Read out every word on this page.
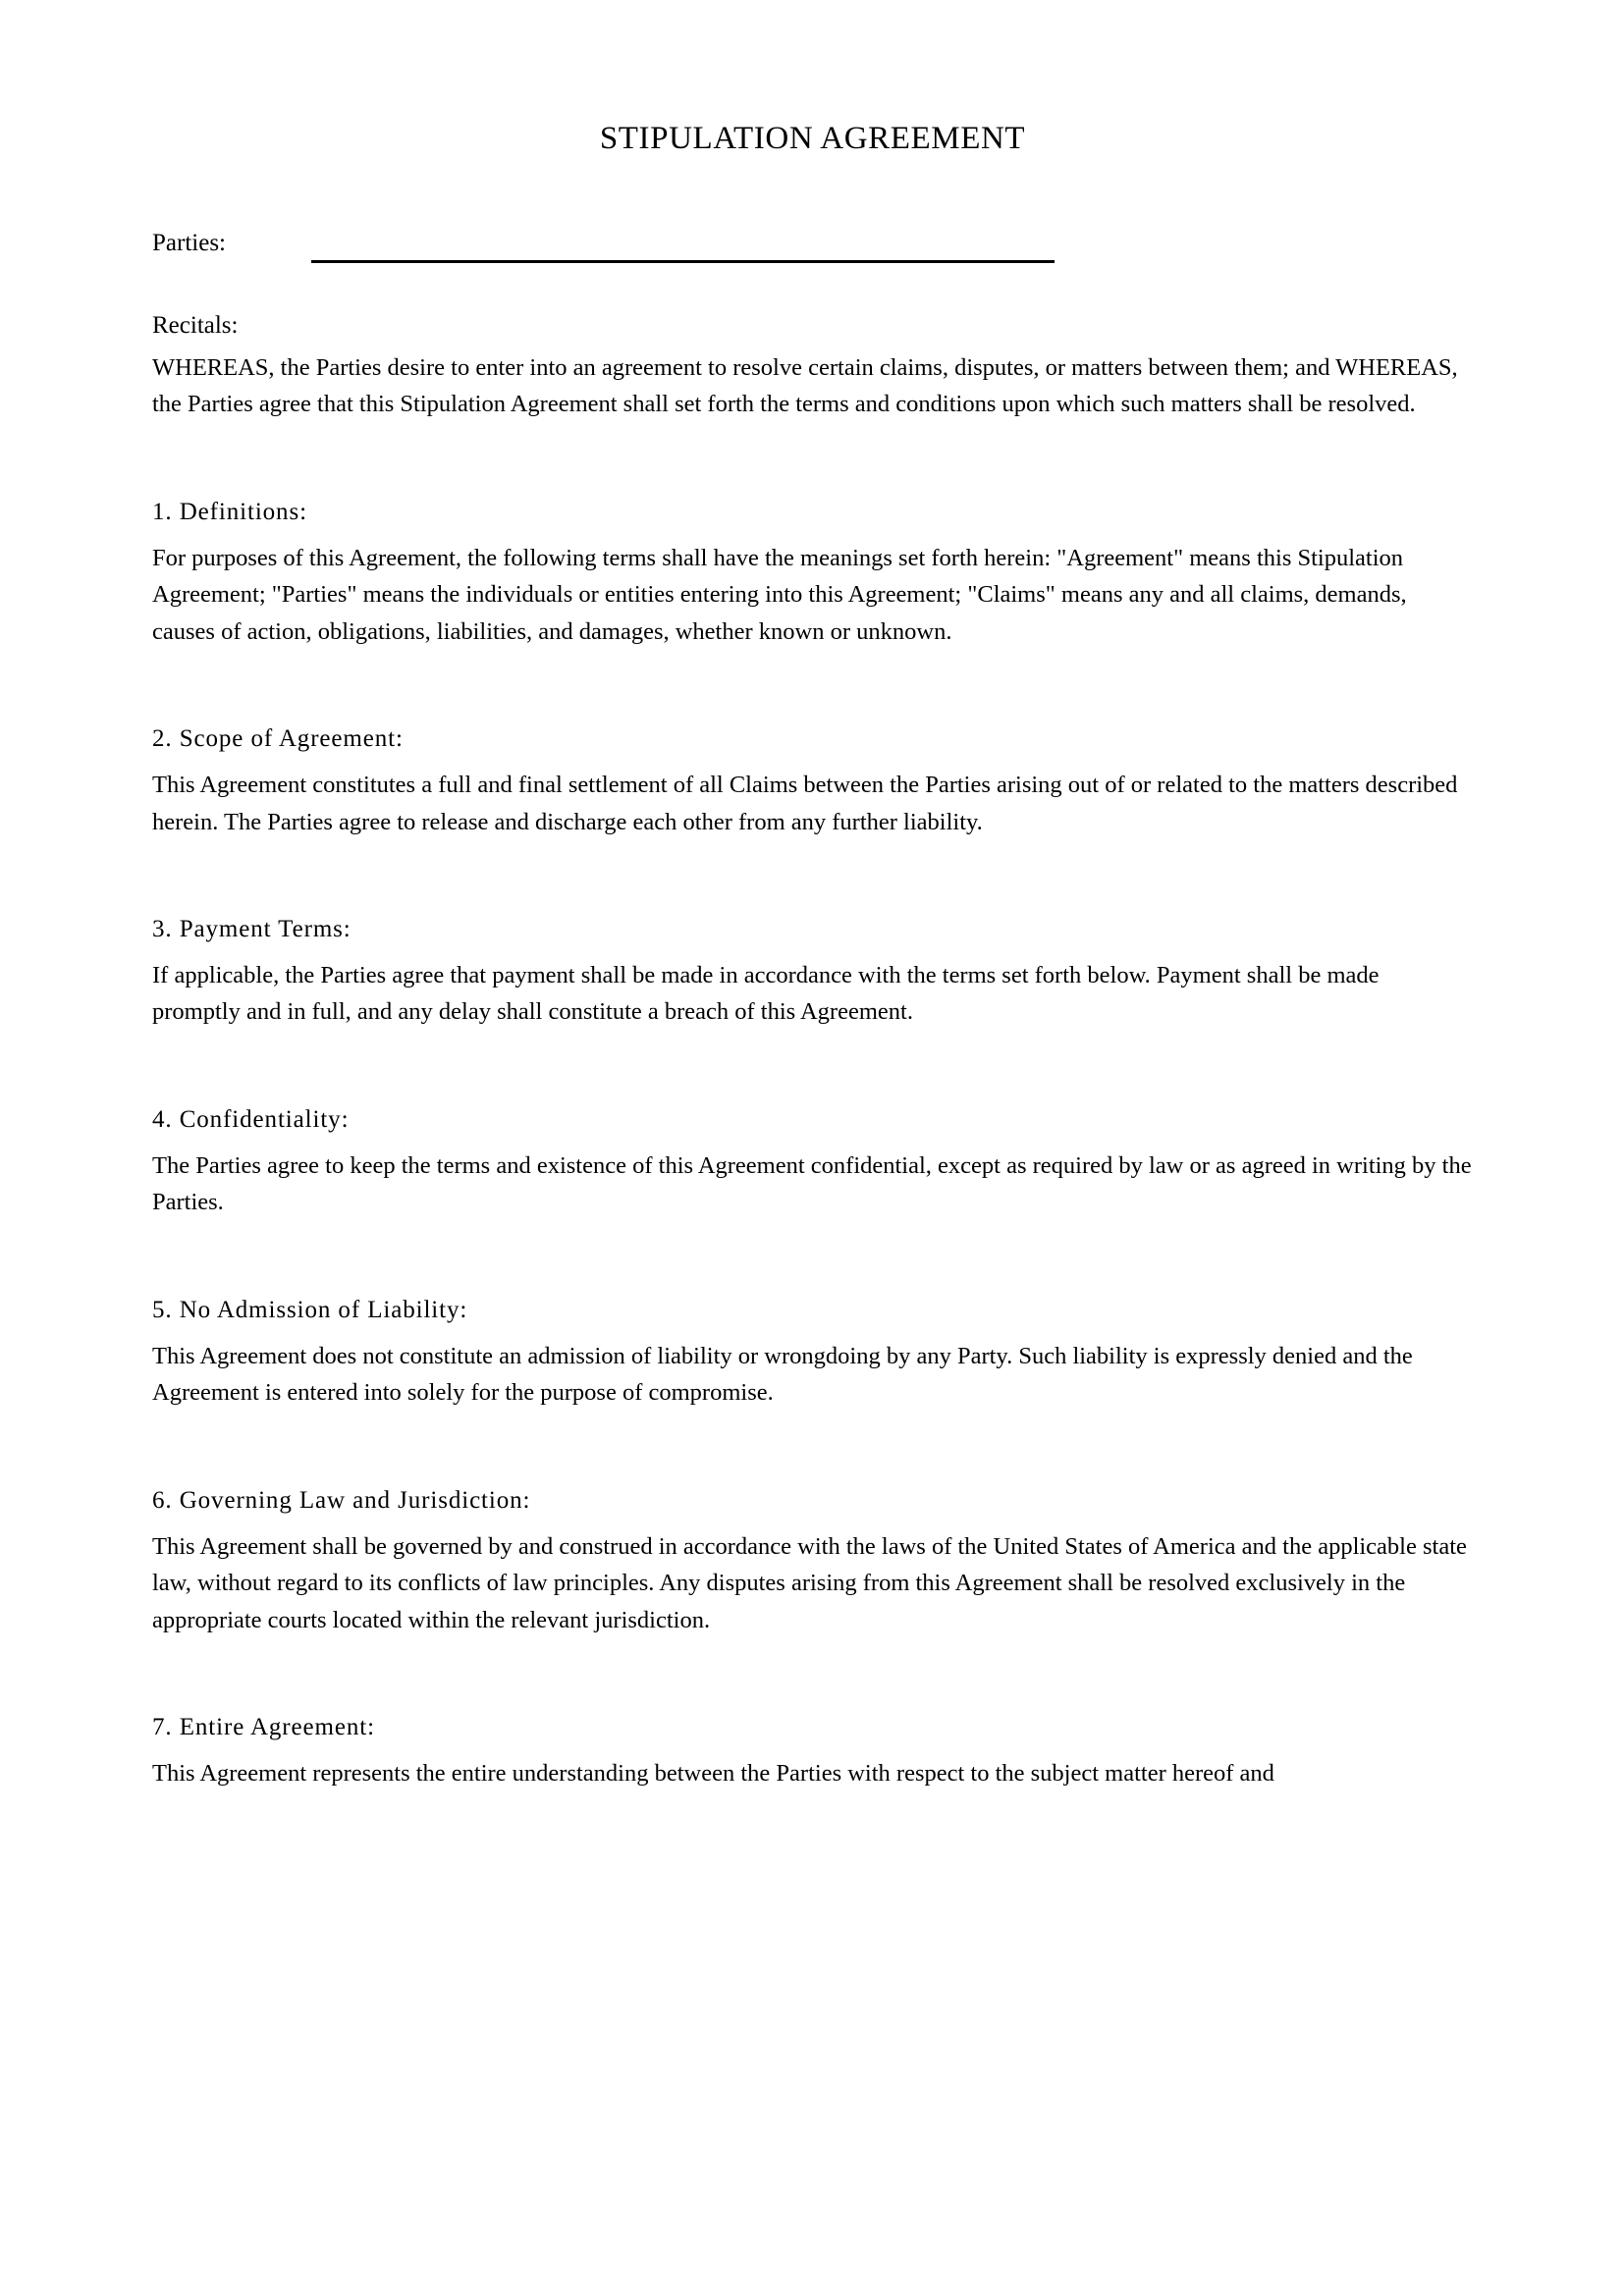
STIPULATION AGREEMENT
Parties:
Recitals:

WHEREAS, the Parties desire to enter into an agreement to resolve certain claims, disputes, or matters between them; and WHEREAS, the Parties agree that this Stipulation Agreement shall set forth the terms and conditions upon which such matters shall be resolved.

1. Definitions:

For purposes of this Agreement, the following terms shall have the meanings set forth herein: "Agreement" means this Stipulation Agreement; "Parties" means the individuals or entities entering into this Agreement; "Claims" means any and all claims, demands, causes of action, obligations, liabilities, and damages, whether known or unknown.

2. Scope of Agreement:

This Agreement constitutes a full and final settlement of all Claims between the Parties arising out of or related to the matters described herein. The Parties agree to release and discharge each other from any further liability.

3. Payment Terms:

If applicable, the Parties agree that payment shall be made in accordance with the terms set forth below. Payment shall be made promptly and in full, and any delay shall constitute a breach of this Agreement.

4. Confidentiality:

The Parties agree to keep the terms and existence of this Agreement confidential, except as required by law or as agreed in writing by the Parties.

5. No Admission of Liability:

This Agreement does not constitute an admission of liability or wrongdoing by any Party. Such liability is expressly denied and the Agreement is entered into solely for the purpose of compromise.

6. Governing Law and Jurisdiction:

This Agreement shall be governed by and construed in accordance with the laws of the United States of America and the applicable state law, without regard to its conflicts of law principles. Any disputes arising from this Agreement shall be resolved exclusively in the appropriate courts located within the relevant jurisdiction.

7. Entire Agreement:

This Agreement represents the entire understanding between the Parties with respect to the subject matter hereof and
